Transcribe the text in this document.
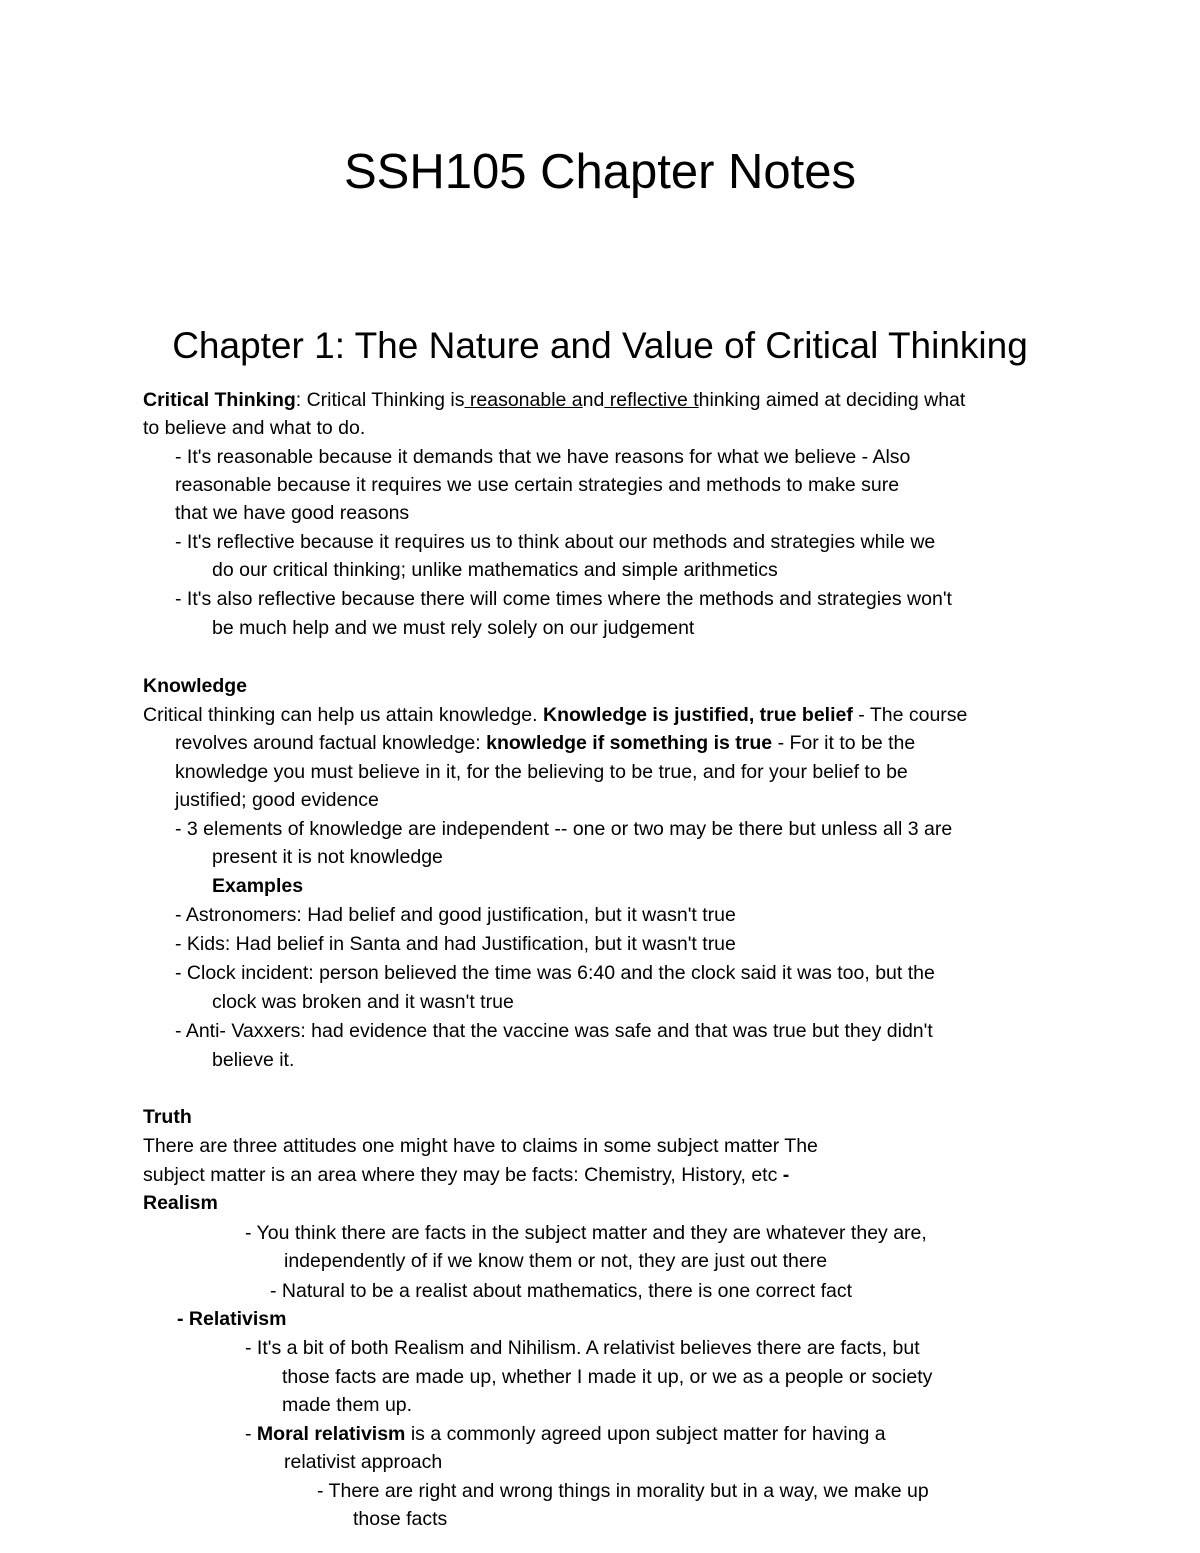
SSH105 Chapter Notes
Chapter 1: The Nature and Value of Critical Thinking
Critical Thinking: Critical Thinking is reasonable and reflective thinking aimed at deciding what
to believe and what to do.
- It's reasonable because it demands that we have reasons for what we believe - Also
reasonable because it requires we use certain strategies and methods to make sure
that we have good reasons
- It's reflective because it requires us to think about our methods and strategies while we
do our critical thinking; unlike mathematics and simple arithmetics
- It's also reflective because there will come times where the methods and strategies won't
be much help and we must rely solely on our judgement
Knowledge
Critical thinking can help us attain knowledge. Knowledge is justified, true belief - The course
revolves around factual knowledge: knowledge if something is true - For it to be the
knowledge you must believe in it, for the believing to be true, and for your belief to be
justified; good evidence
- 3 elements of knowledge are independent -- one or two may be there but unless all 3 are
present it is not knowledge
Examples
- Astronomers: Had belief and good justification, but it wasn't true
- Kids: Had belief in Santa and had Justification, but it wasn't true
- Clock incident: person believed the time was 6:40 and the clock said it was too, but the
clock was broken and it wasn't true
- Anti- Vaxxers: had evidence that the vaccine was safe and that was true but they didn't
believe it.
Truth
There are three attitudes one might have to claims in some subject matter The
subject matter is an area where they may be facts: Chemistry, History, etc -
Realism
- You think there are facts in the subject matter and they are whatever they are,
independently of if we know them or not, they are just out there
- Natural to be a realist about mathematics, there is one correct fact
- Relativism
- It's a bit of both Realism and Nihilism. A relativist believes there are facts, but
those facts are made up, whether I made it up, or we as a people or society
made them up.
- Moral relativism is a commonly agreed upon subject matter for having a
relativist approach
- There are right and wrong things in morality but in a way, we make up
those facts
